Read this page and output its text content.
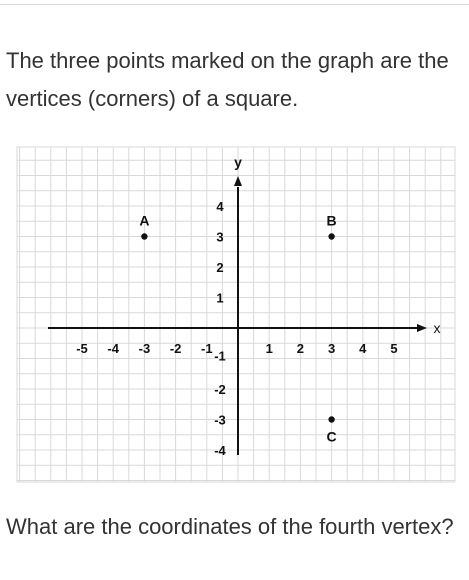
The three points marked on the graph are the vertices (corners) of a square.

x
y
-5 -4 -3 -2 -1	1 2 3 4 5
-4
-3
-2
-1
1
2
3
4
A	B
C

What are the coordinates of the fourth vertex?
